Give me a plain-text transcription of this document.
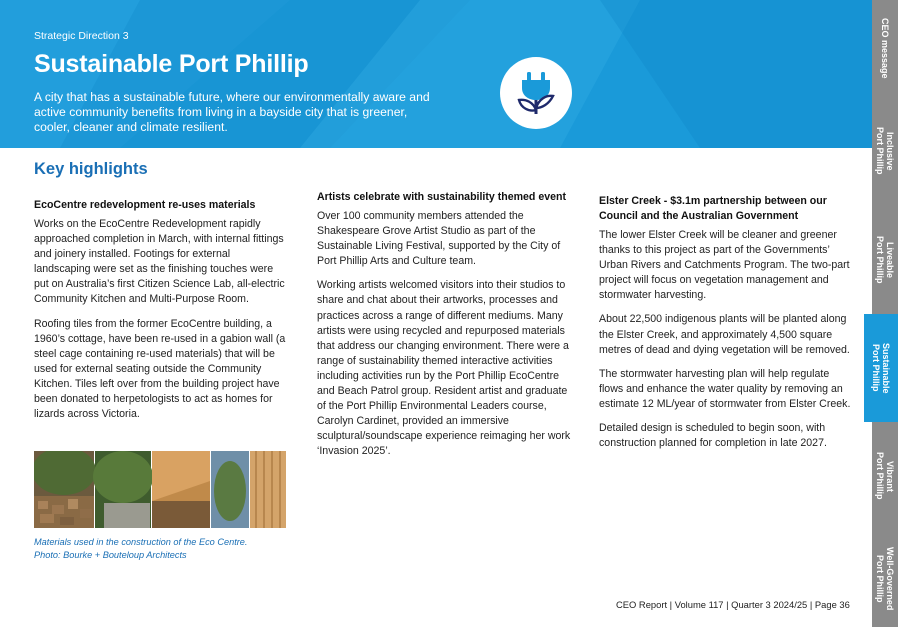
Strategic Direction 3
Sustainable Port Phillip
A city that has a sustainable future, where our environmentally aware and active community benefits from living in a bayside city that is greener, cooler, cleaner and climate resilient.
CEO message
Inclusive
Port Phillip
Liveable
Port Phillip
Sustainable
Port Phillip
Vibrant
Port Phillip
Well-Governed
Port Phillip
Key highlights
EcoCentre redevelopment re-uses materials

Works on the EcoCentre Redevelopment rapidly approached completion in March, with internal fittings and joinery installed. Footings for external landscaping were set as the finishing touches were put on Australia’s first Citizen Science Lab, all-electric Community Kitchen and Multi-Purpose Room.

Roofing tiles from the former EcoCentre building, a 1960’s cottage, have been re-used in a gabion wall (a steel cage containing re-used materials) that will be used for external seating outside the Community Kitchen. Tiles left over from the building project have been donated to herpetologists to act as homes for lizards across Victoria.

Materials used in the construction of the Eco Centre.
Photo: Bourke + Bouteloup Architects
Artists celebrate with sustainability themed event

Over 100 community members attended the Shakespeare Grove Artist Studio as part of the Sustainable Living Festival, supported by the City of Port Phillip Arts and Culture team.

Working artists welcomed visitors into their studios to share and chat about their artworks, processes and practices across a range of different mediums. Many artists were using recycled and repurposed materials that address our changing environment. There were a range of sustainability themed interactive activities including activities run by the Port Phillip EcoCentre and Beach Patrol group. Resident artist and graduate of the Port Phillip Environmental Leaders course, Carolyn Cardinet, provided an immersive sculptural/soundscape experience reimaging her work ‘Invasion 2025’.

Elster Creek - $3.1m partnership between our Council and the Australian Government

The lower Elster Creek will be cleaner and greener thanks to this project as part of the Governments’ Urban Rivers and Catchments Program. The two-part project will focus on vegetation management and stormwater harvesting.

About 22,500 indigenous plants will be planted along the Elster Creek, and approximately 4,500 square metres of dead and dying vegetation will be removed.

The stormwater harvesting plan will help regulate flows and enhance the water quality by removing an estimate 12 ML/year of stormwater from Elster Creek.

Detailed design is scheduled to begin soon, with construction planned for completion in late 2027.

CEO Report | Volume 117 | Quarter 3 2024/25 | Page 36
